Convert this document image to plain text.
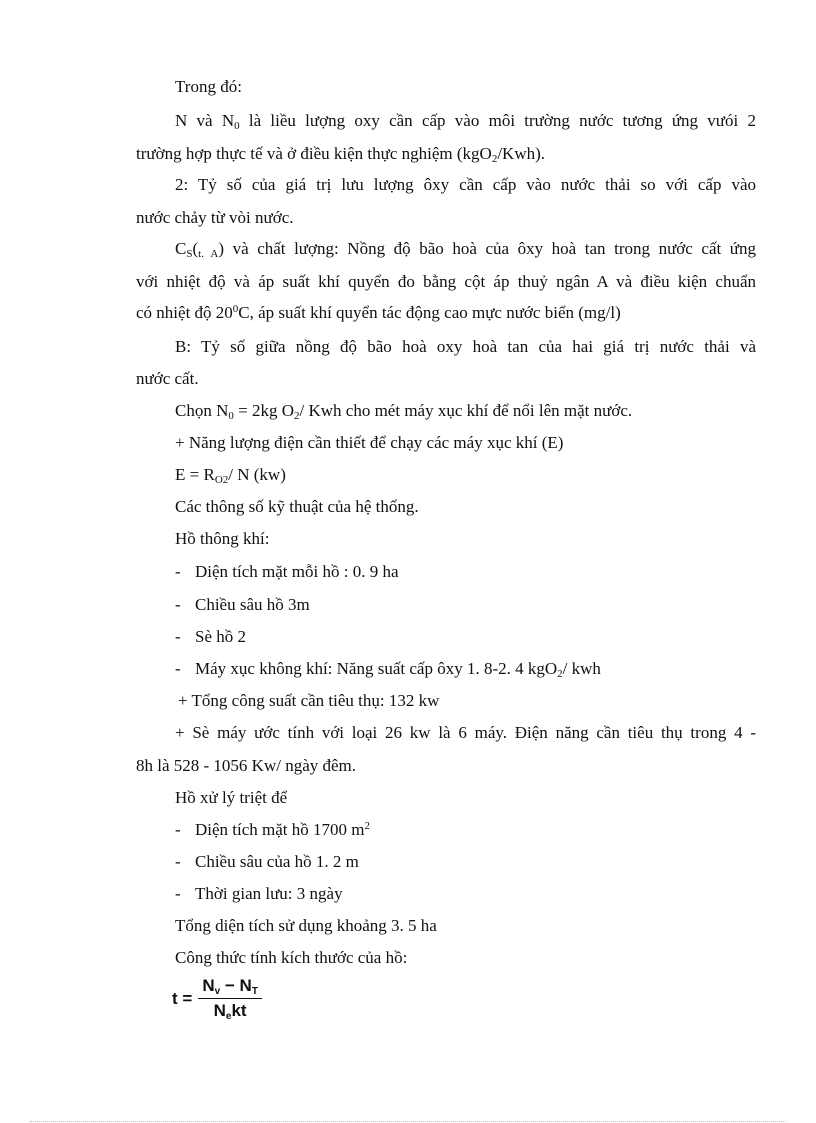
Trong đó:
N và $N_0$ là liều lượng oxy cần cấp vào môi trường nước tương ứng vưói 2
trường hợp thực tế và ở điều kiện thực nghiệm (kgO$_2$/Kwh).
2: Tỷ số của giá trị lưu lượng ôxy cần cấp vào nước thải so với cấp vào
nước chảy từ vòi nước.
$C_S(_{t. A})$ và chất lượng: Nồng độ bão hoà của ôxy hoà tan trong nước cất ứng
với nhiệt độ và áp suất khí quyển đo bằng cột áp thuỷ ngân A và điều kiện chuẩn
có nhiệt độ $20^0C$, áp suất khí quyển tác động cao mực nước biển (mg/l)
B: Tỷ số giữa nồng độ bão hoà oxy hoà tan của hai giá trị nước thải và
nước cất.
Chọn $N_0 = 2kg$ $O_2/$ Kwh cho mét máy xục khí để nổi lên mặt nước.
+ Năng lượng điện cần thiết để chạy các máy xục khí (E)
$E = R_{O2}/$ N (kw)
Các thông số kỹ thuật của hệ thống.
Hồ thông khí:
- Diện tích mặt mỗi hồ : 0. 9 ha
- Chiều sâu hồ 3m
- Sè hồ 2
- Máy xục không khí: Năng suất cấp ôxy 1. 8-2. 4 kgO$_2$/ kwh
+ Tổng công suất cần tiêu thụ: 132 kw
+ Sè máy ước tính với loại 26 kw là 6 máy. Điện năng cần tiêu thụ trong 4 -
8h là 528 - 1056 Kw/ ngày đêm.
Hồ xử lý triệt để
- Diện tích mặt hồ 1700 $m^2$
- Chiều sâu của hồ 1. 2 m
- Thời gian lưu: 3 ngày
Tổng diện tích sử dụng khoảng 3. 5 ha
Công thức tính kích thước của hồ:
$t = \frac{N_v - N_T}{N_ekt}$
